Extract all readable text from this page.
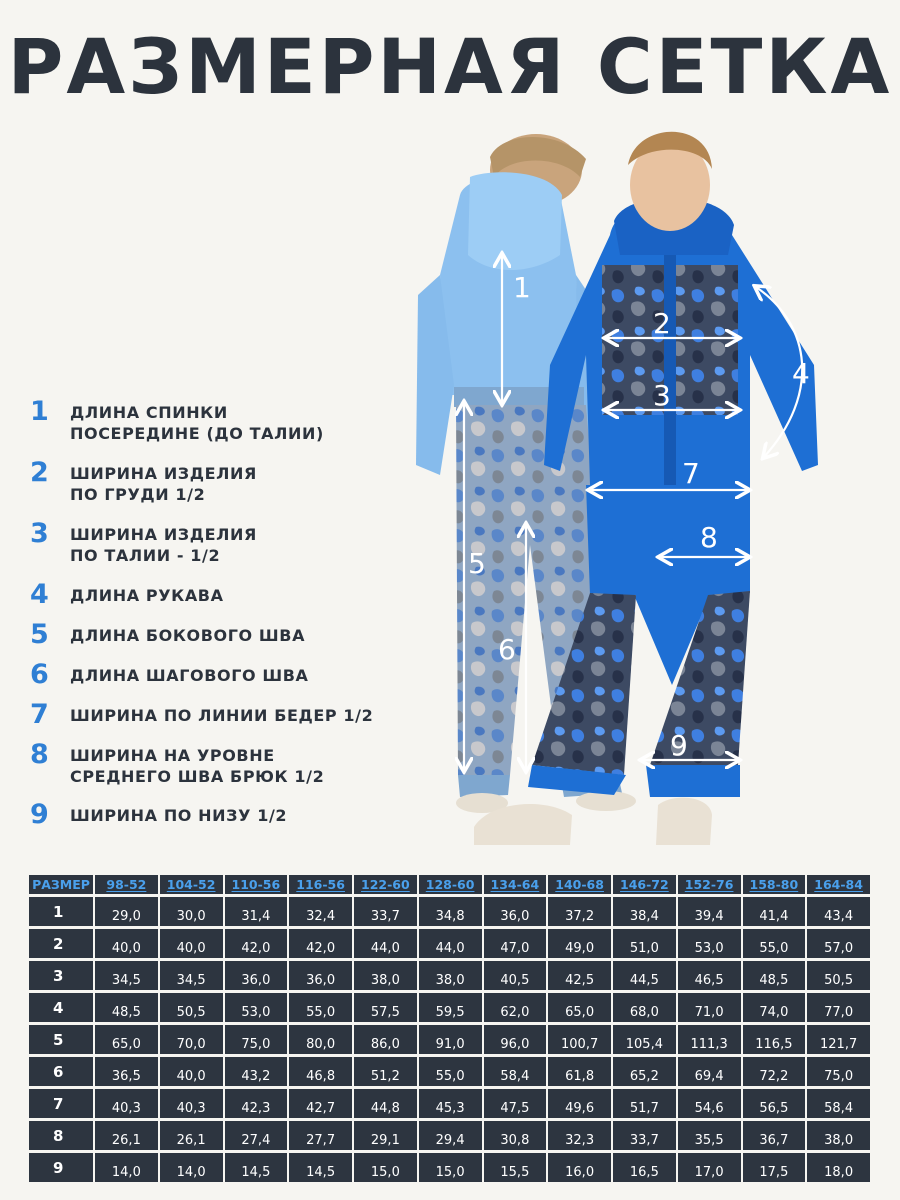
РАЗМЕРНАЯ СЕТКА
1
2
3
4
5
6
7
8
9
1	ДЛИНА СПИНКИ
ПОСЕРЕДИНЕ (ДО ТАЛИИ)
2	ШИРИНА ИЗДЕЛИЯ
ПО ГРУДИ 1/2
3	ШИРИНА ИЗДЕЛИЯ
ПО ТАЛИИ - 1/2
4	ДЛИНА РУКАВА
5	ДЛИНА БОКОВОГО ШВА
6	ДЛИНА ШАГОВОГО ШВА
7	ШИРИНА ПО ЛИНИИ БЕДЕР 1/2
8	ШИРИНА НА УРОВНЕ
СРЕДНЕГО ШВА БРЮК 1/2
9	ШИРИНА ПО НИЗУ 1/2
РАЗМЕР	98-52	104-52	110-56	116-56	122-60	128-60	134-64	140-68	146-72	152-76	158-80	164-84
1	29,0	30,0	31,4	32,4	33,7	34,8	36,0	37,2	38,4	39,4	41,4	43,4
2	40,0	40,0	42,0	42,0	44,0	44,0	47,0	49,0	51,0	53,0	55,0	57,0
3	34,5	34,5	36,0	36,0	38,0	38,0	40,5	42,5	44,5	46,5	48,5	50,5
4	48,5	50,5	53,0	55,0	57,5	59,5	62,0	65,0	68,0	71,0	74,0	77,0
5	65,0	70,0	75,0	80,0	86,0	91,0	96,0	100,7	105,4	111,3	116,5	121,7
6	36,5	40,0	43,2	46,8	51,2	55,0	58,4	61,8	65,2	69,4	72,2	75,0
7	40,3	40,3	42,3	42,7	44,8	45,3	47,5	49,6	51,7	54,6	56,5	58,4
8	26,1	26,1	27,4	27,7	29,1	29,4	30,8	32,3	33,7	35,5	36,7	38,0
9	14,0	14,0	14,5	14,5	15,0	15,0	15,5	16,0	16,5	17,0	17,5	18,0
